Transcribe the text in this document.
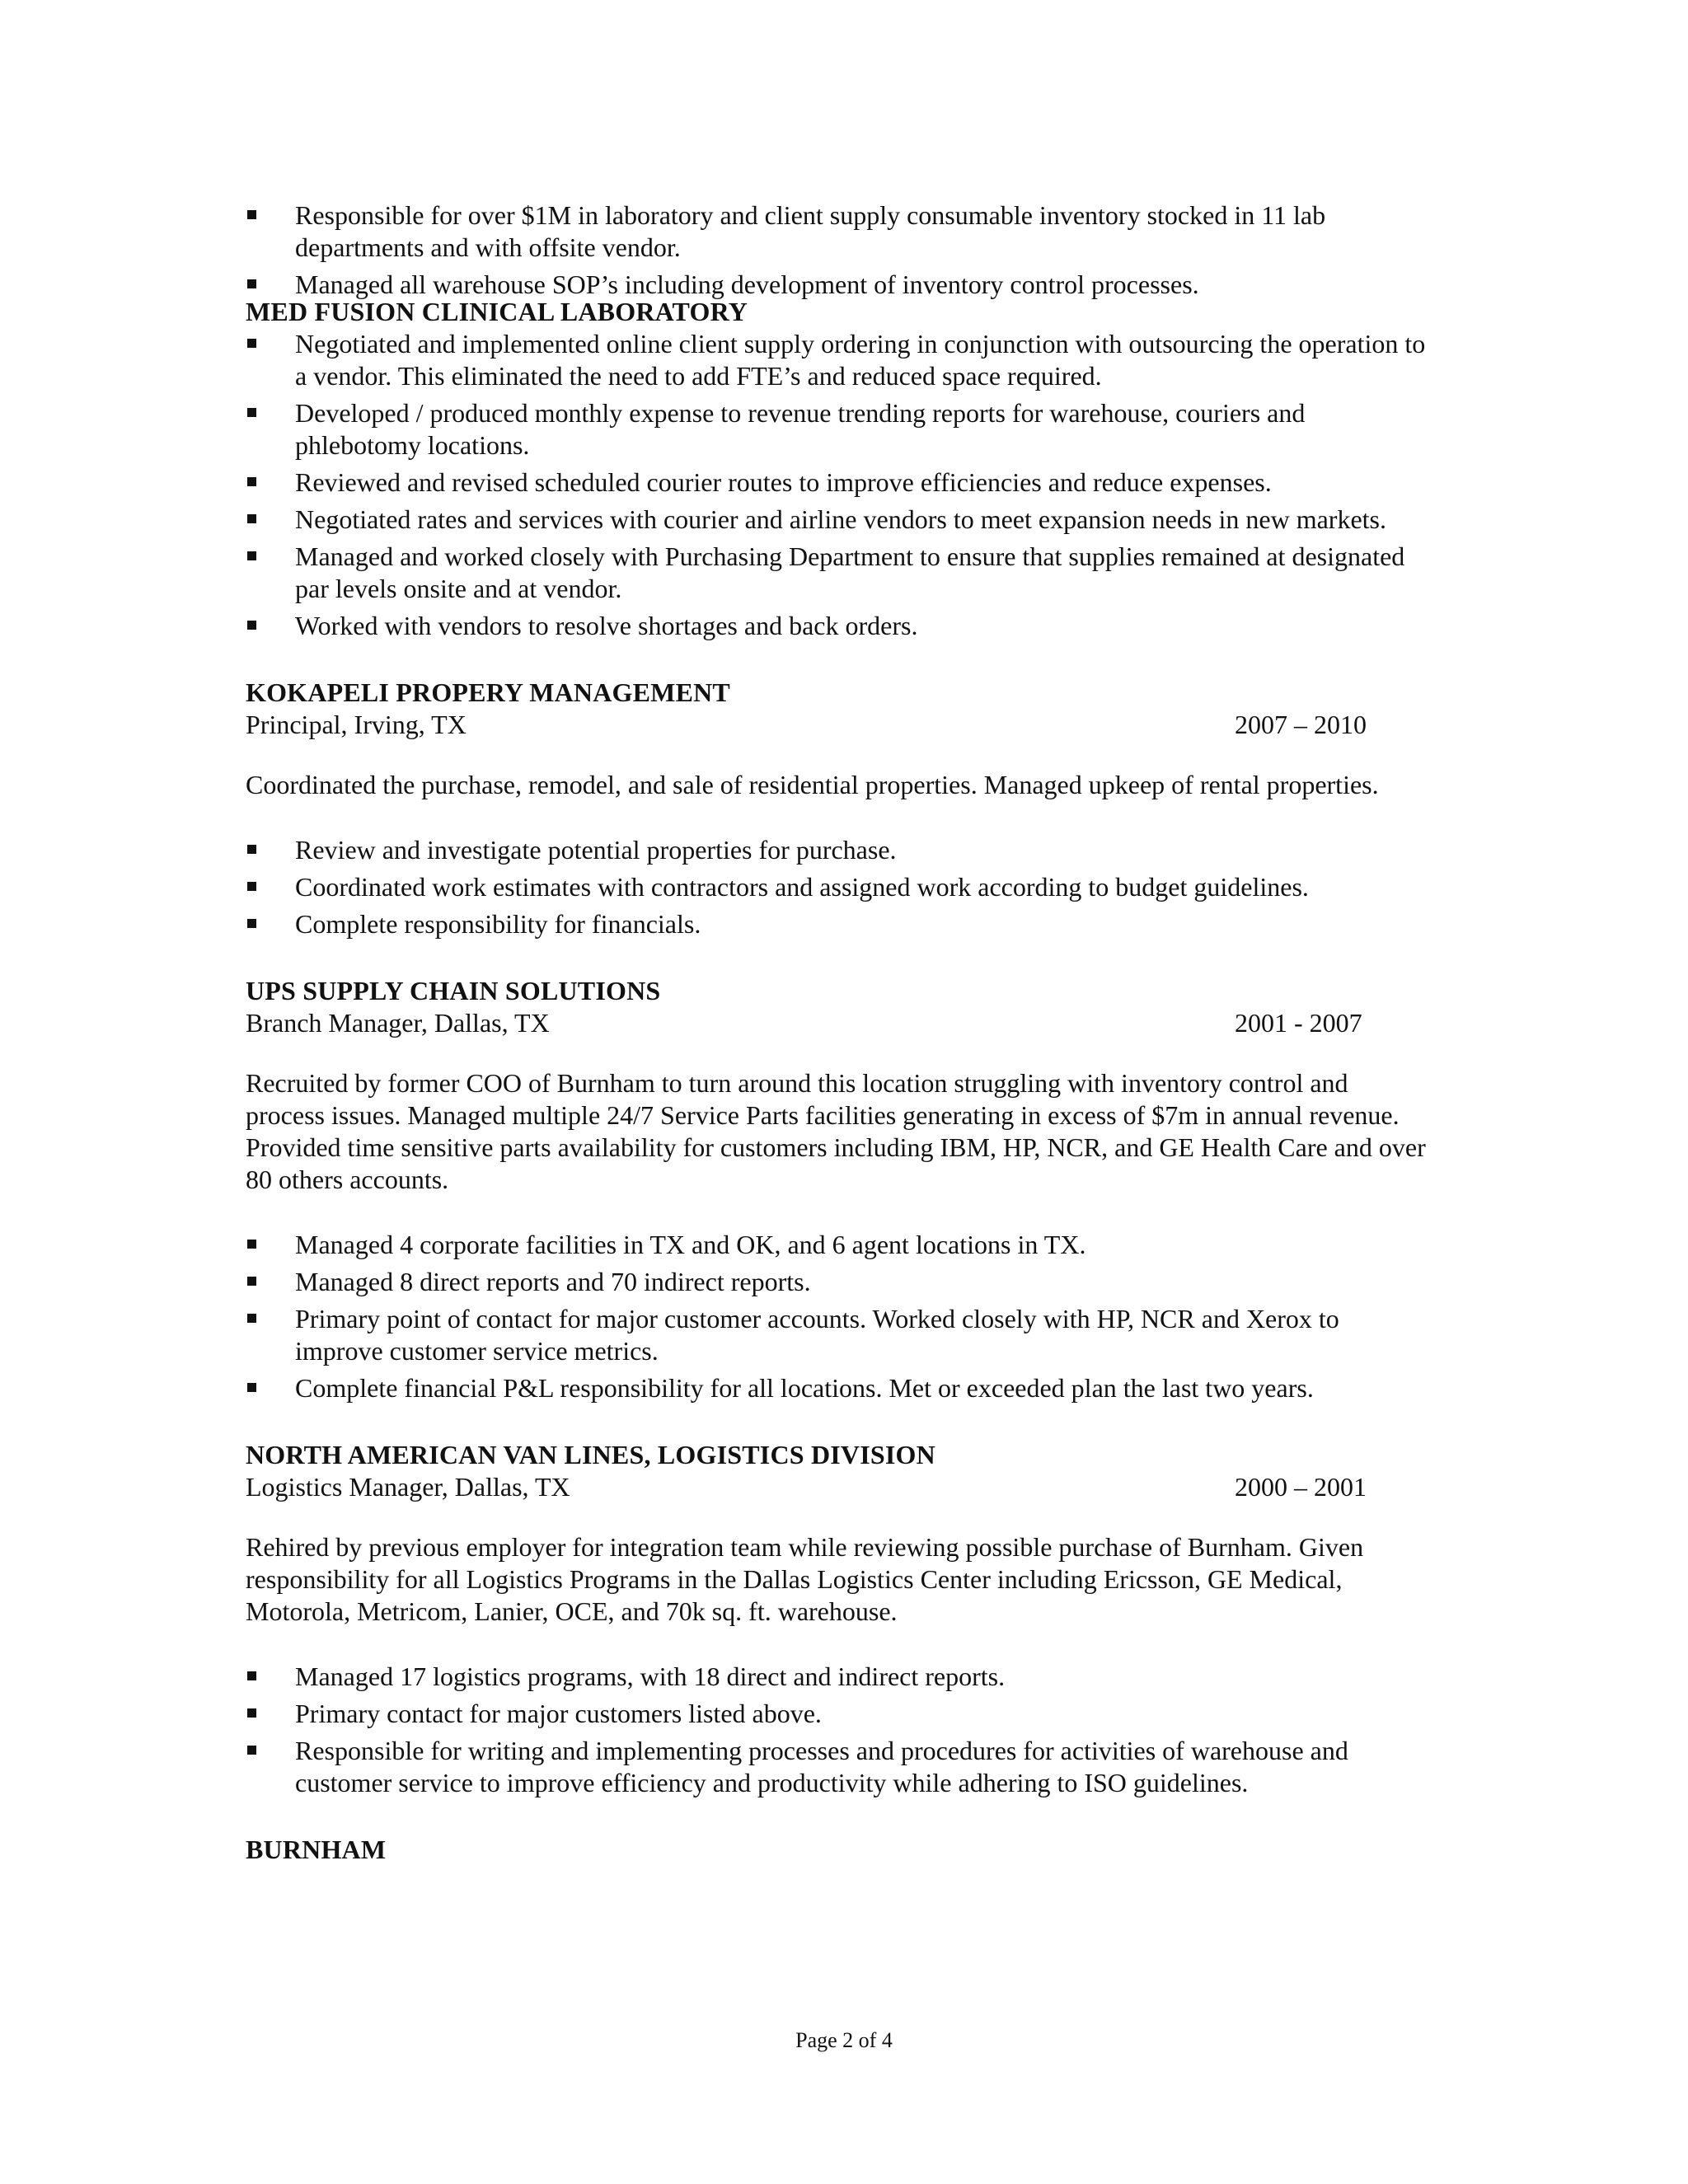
Responsible for over $1M in laboratory and client supply consumable inventory stocked in 11 lab departments and with offsite vendor.
Managed all warehouse SOP’s including development of inventory control processes.
MED FUSION CLINICAL LABORATORY
Negotiated and implemented online client supply ordering in conjunction with outsourcing the operation to a vendor. This eliminated the need to add FTE’s and reduced space required.
Developed / produced monthly expense to revenue trending reports for warehouse, couriers and phlebotomy locations.
Reviewed and revised scheduled courier routes to improve efficiencies and reduce expenses.
Negotiated rates and services with courier and airline vendors to meet expansion needs in new markets.
Managed and worked closely with Purchasing Department to ensure that supplies remained at designated par levels onsite and at vendor.
Worked with vendors to resolve shortages and back orders.
KOKAPELI PROPERY MANAGEMENT
Principal, Irving, TX	2007 – 2010

Coordinated the purchase, remodel, and sale of residential properties. Managed upkeep of rental properties.

Review and investigate potential properties for purchase.
Coordinated work estimates with contractors and assigned work according to budget guidelines.
Complete responsibility for financials.
UPS SUPPLY CHAIN SOLUTIONS
Branch Manager, Dallas, TX	2001 - 2007

Recruited by former COO of Burnham to turn around this location struggling with inventory control and process issues. Managed multiple 24/7 Service Parts facilities generating in excess of $7m in annual revenue. Provided time sensitive parts availability for customers including IBM, HP, NCR, and GE Health Care and over 80 others accounts.

Managed 4 corporate facilities in TX and OK, and 6 agent locations in TX.
Managed 8 direct reports and 70 indirect reports.
Primary point of contact for major customer accounts. Worked closely with HP, NCR and Xerox to improve customer service metrics.
Complete financial P&L responsibility for all locations. Met or exceeded plan the last two years.
NORTH AMERICAN VAN LINES, LOGISTICS DIVISION
Logistics Manager, Dallas, TX	2000 – 2001

Rehired by previous employer for integration team while reviewing possible purchase of Burnham. Given responsibility for all Logistics Programs in the Dallas Logistics Center including Ericsson, GE Medical, Motorola, Metricom, Lanier, OCE, and 70k sq. ft. warehouse.

Managed 17 logistics programs, with 18 direct and indirect reports.
Primary contact for major customers listed above.
Responsible for writing and implementing processes and procedures for activities of warehouse and customer service to improve efficiency and productivity while adhering to ISO guidelines.
BURNHAM
Page 2 of 4
